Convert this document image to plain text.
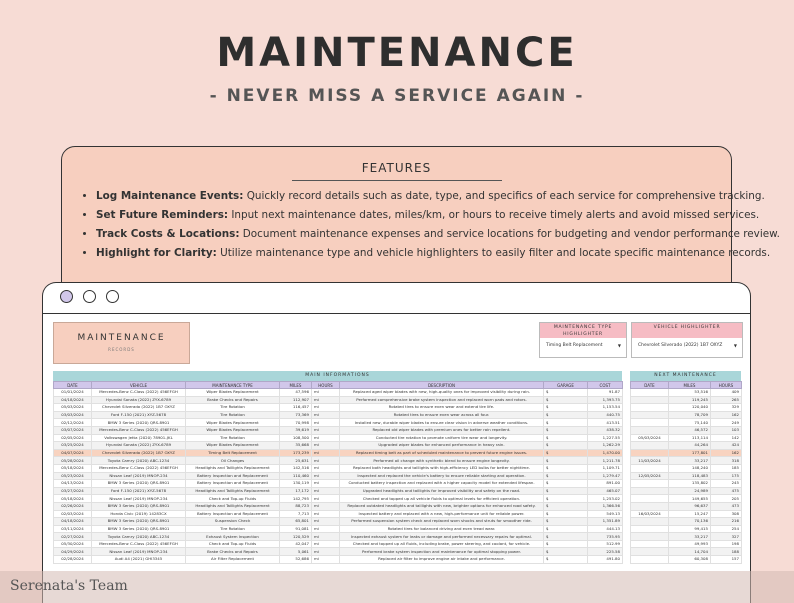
MAINTENANCE
- NEVER MISS A SERVICE AGAIN -
FEATURES
• Log Maintenance Events: Quickly record details such as date, type, and specifics of each service for comprehensive tracking.
• Set Future Reminders: Input next maintenance dates, miles/km, or hours to receive timely alerts and avoid missed services.
• Track Costs & Locations: Document maintenance expenses and service locations for budgeting and vendor performance review.
• Highlight for Clarity: Utilize maintenance type and vehicle highlighters to easily filter and locate specific maintenance records.
MAINTENANCE
RECORDS
MAINTENANCE TYPE HIGHLIGHTER
Timing Belt Replacement	▼
VEHICLE HIGHLIGHTER
Chevrolet Silverado (2022) 1B7 OXYZ	▼
MAIN INFORMATIONS	NEXT MAINTENANCE
DATE	VEHICLE	MAINTENANCE TYPE	MILES	HOURS	DESCRIPTION	GARAGE	COST
01/01/2024	Mercedes-Benz C-Class (2022) 456EFGH	Wiper Blades Replacement	47,596	mi	Replaced aged wiper blades with new, high-quality ones for improved visibility during rain.	$	91.87
04/18/2024	Hyundai Sonata (2022) ZYX-6789	Brake Checks and Repairs	112,907	mi	Performed comprehensive brake system inspection and replaced worn pads and rotors.	$	1,393.75
05/03/2024	Chevrolet Silverado (2022) 1B7 OXYZ	Tire Rotation	116,457	mi	Rotated tires to ensure even wear and extend tire life.	$	1,153.54
03/03/2024	Ford F-150 (2021) XYZ-5678	Tire Rotation	73,369	mi	Rotated tires to ensure even wear across all four.	$	440.75
02/12/2024	BMW 3 Series (2020) QRS-8901	Wiper Blades Replacement	70,998	mi	Installed new, durable wiper blades to ensure clear vision in adverse weather conditions.	$	413.51
03/07/2024	Mercedes-Benz C-Class (2022) 456EFGH	Wiper Blades Replacement	39,619	mi	Replaced old wiper blades with premium ones for better rain repellent.	$	438.32
02/05/2024	Volkswagen Jetta (2020) 78901-JKL	Tire Rotation	108,500	mi	Conducted tire rotation to promote uniform tire wear and longevity.	$	1,227.55
03/25/2024	Hyundai Sonata (2022) ZYX-6789	Wiper Blades Replacement	35,668	mi	Upgraded wiper blades for enhanced performance in heavy rain.	$	1,262.29
04/07/2024	Chevrolet Silverado (2022) 1B7 OXYZ	Timing Belt Replacement	173,239	mi	Replaced timing belt as part of scheduled maintenance to prevent future engine issues.	$	1,470.00
05/28/2024	Toyota Camry (2020) ABC-1234	Oil Changes	25,631	mi	Performed oil change with synthetic blend to ensure engine longevity.	$	1,211.78
05/18/2024	Mercedes-Benz C-Class (2022) 456EFGH	Headlights and Taillights Replacement	142,516	mi	Replaced both headlights and taillights with high-efficiency LED bulbs for better nighttime.	$	1,109.71
05/23/2024	Nissan Leaf (2019) MNOP-234	Battery Inspection and Replacement	110,460	mi	Inspected and replaced the vehicle's battery to ensure reliable starting and operation.	$	1,279.47
04/13/2024	BMW 3 Series (2020) QRS-8901	Battery Inspection and Replacement	130,119	mi	Conducted battery inspection and replaced with a higher capacity model for extended lifespan.	$	891.00
03/27/2024	Ford F-150 (2021) XYZ-5678	Headlights and Taillights Replacement	17,172	mi	Upgraded headlights and taillights for improved visibility and safety on the road.	$	465.07
05/18/2024	Nissan Leaf (2019) MNOP-234	Check and Top-up Fluids	142,795	mi	Checked and topped up all vehicle fluids to optimal levels for efficient operation.	$	1,253.02
02/26/2024	BMW 3 Series (2020) QRS-8901	Headlights and Taillights Replacement	88,723	mi	Replaced outdated headlights and taillights with new, brighter options for enhanced road safety.	$	1,366.56
02/03/2024	Honda Civic (2019) 14283CX	Battery Inspection and Replacement	7,713	mi	Inspected battery and replaced with a new, high-performance unit for reliable power.	$	549.13
04/18/2024	BMW 3 Series (2020) QRS-8901	Suspension Check	65,801	mi	Performed suspension system check and replaced worn shocks and struts for smoother ride.	$	1,351.89
03/11/2024	BMW 3 Series (2020) QRS-8901	Tire Rotation	91,081	mi	Rotated tires for balanced driving and even tread wear.	$	444.13
02/27/2024	Toyota Camry (2020) ABC-1234	Exhaust System Inspection	120,529	mi	Inspected exhaust system for leaks or damage and performed necessary repairs for optimal.	$	735.95
05/30/2024	Mercedes-Benz C-Class (2022) 456EFGH	Check and Top-up Fluids	42,047	mi	Checked and topped up all fluids, including brake, power steering, and coolant, for vehicle.	$	512.99
04/29/2024	Nissan Leaf (2019) MNOP-234	Brake Checks and Repairs	5,061	mi	Performed brake system inspection and maintenance for optimal stopping power.	$	225.58
02/28/2024	Audi A4 (2021) GHI3345	Air Filter Replacement	52,686	mi	Replaced air filter to improve engine air intake and performance.	$	491.80
DATE	MILES	HOURS
	53,516	409
	119,245	265
	120,040	329
	78,709	162
	75,140	249
	46,572	103
05/03/2024	113,114	142
	44,264	424
	177,801	162
11/03/2024	33,217	318
	148,240	185
12/05/2024	118,483	175
	135,802	245
	24,989	475
	149,655	205
	96,637	473
16/03/2024	15,247	308
	70,136	216
	99,415	254
	33,217	327
	49,993	198
	14,704	188
	60,308	157
Serenata's Team
